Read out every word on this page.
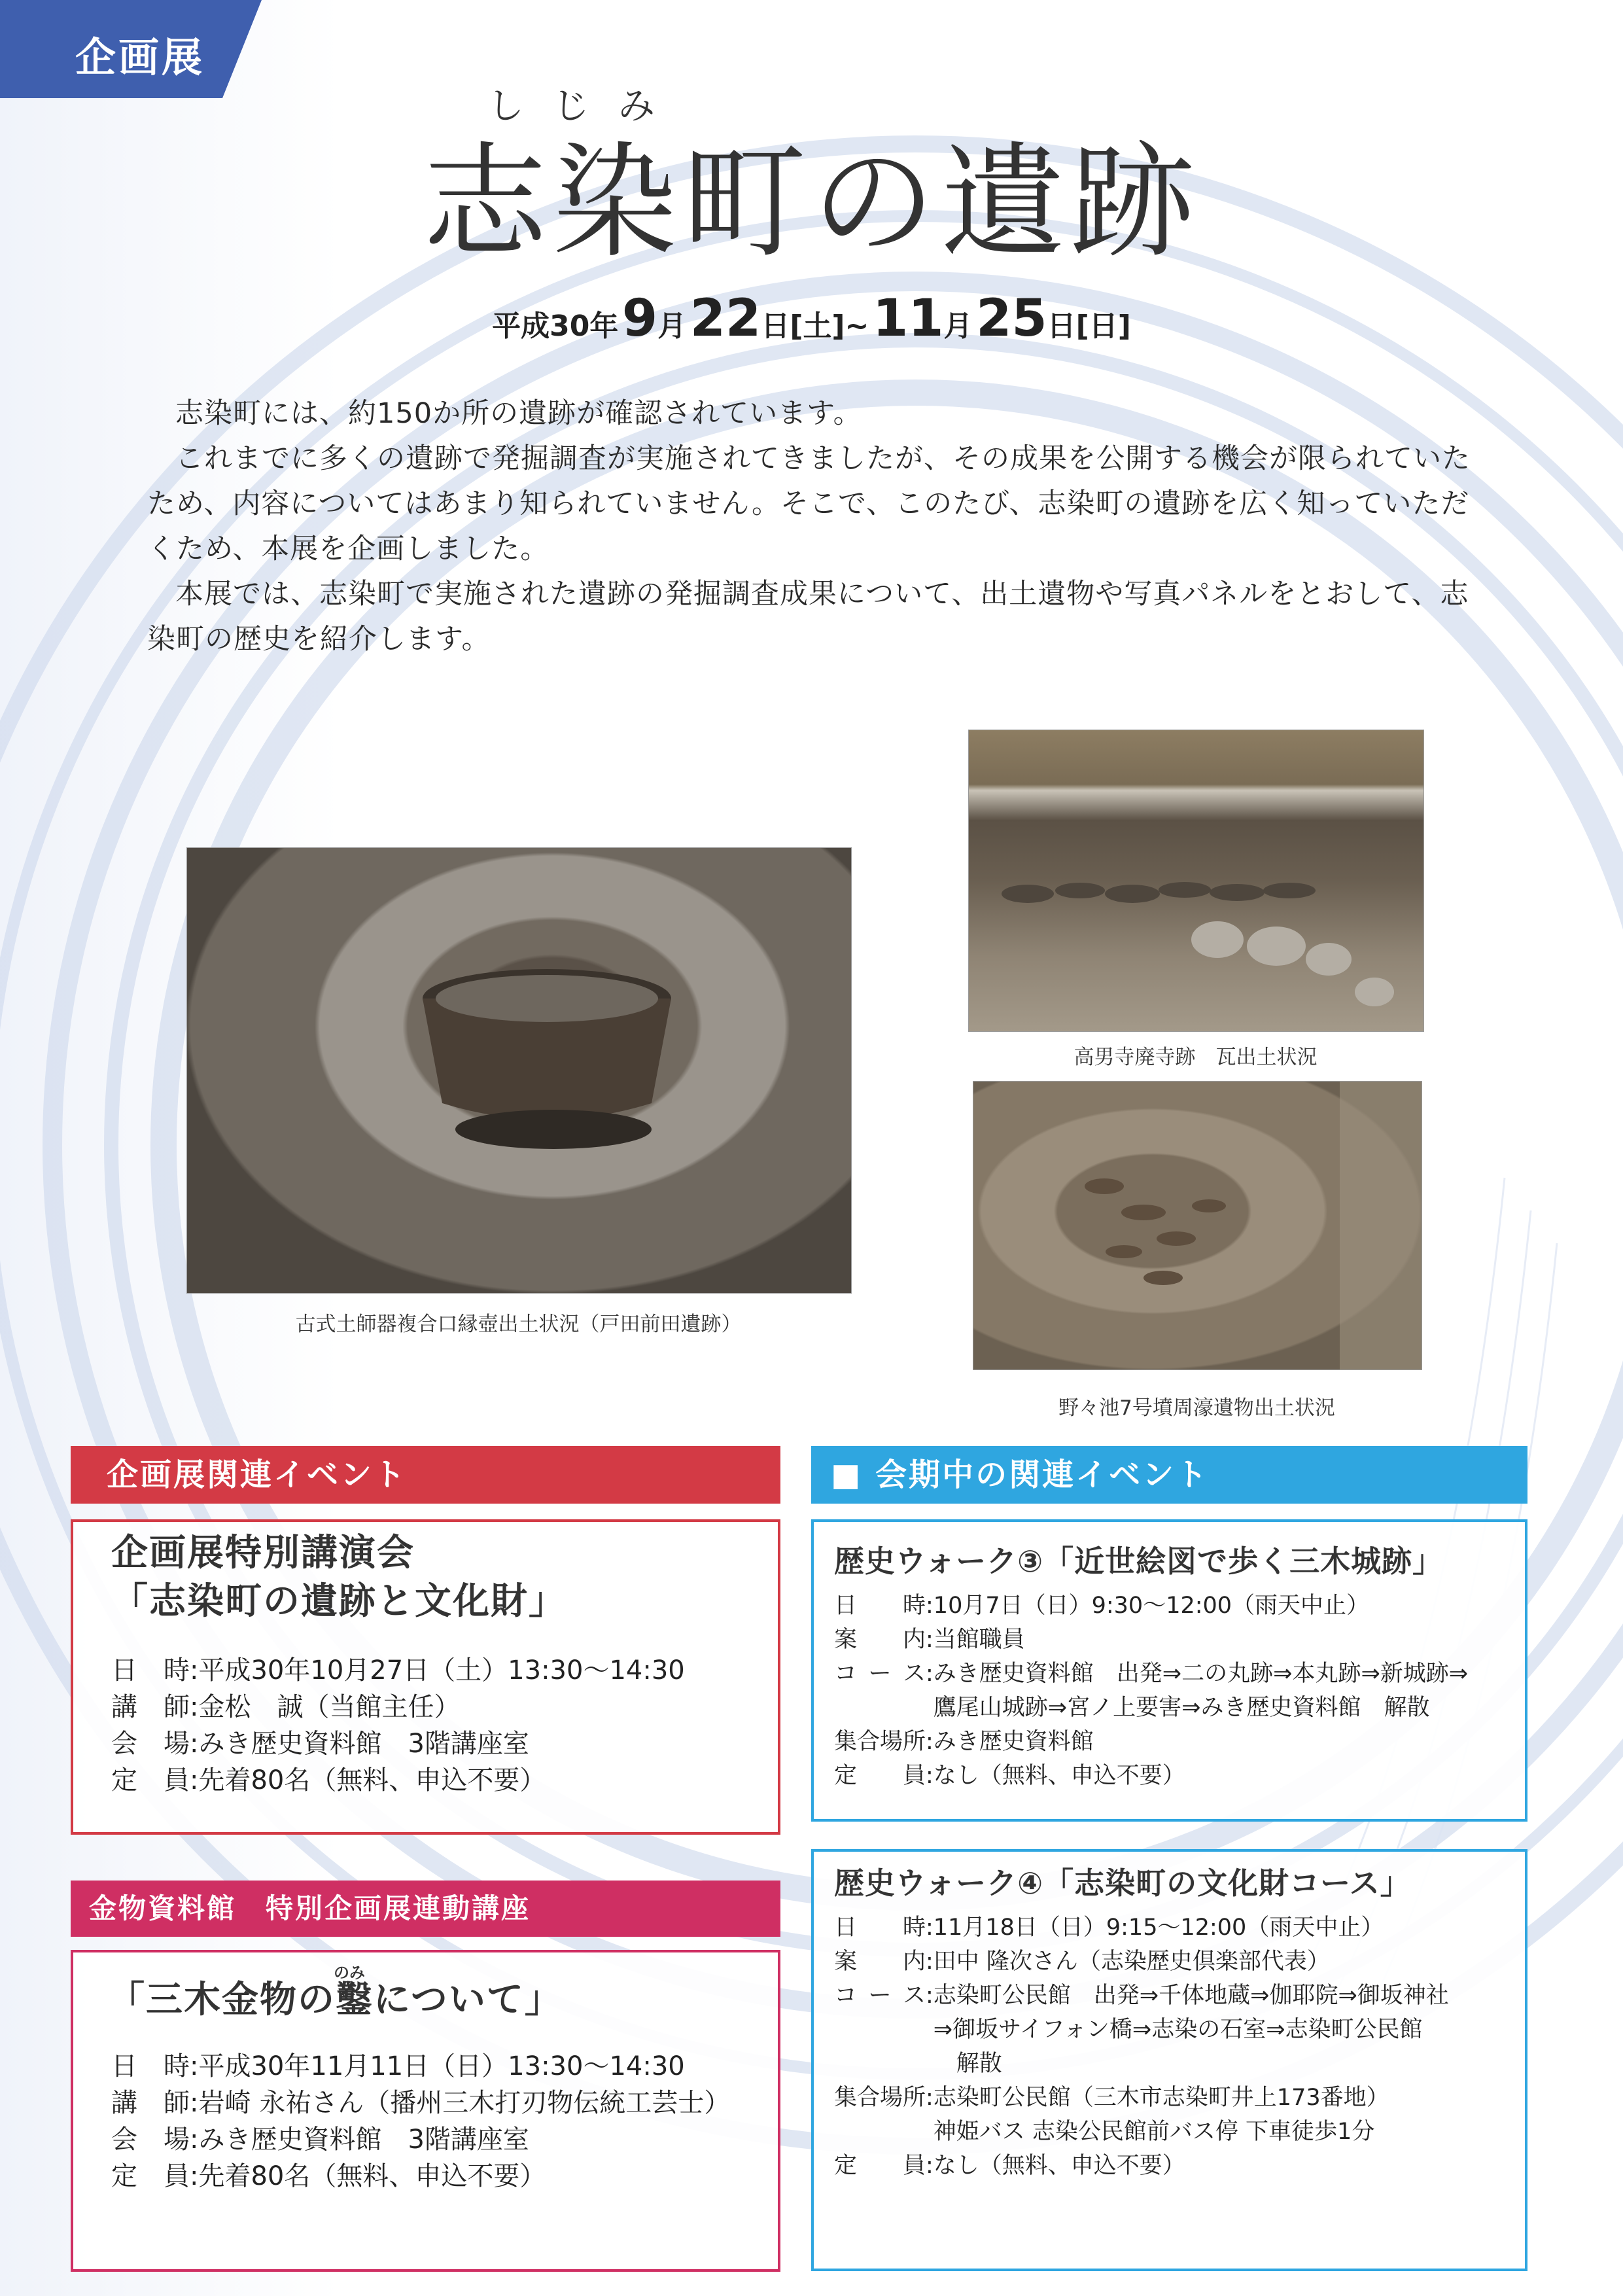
企画展
しじみ
志染町の遺跡
平成30年 9月 22日[土]~ 11月 25日[日]

志染町には、約150か所の遺跡が確認されています。

これまでに多くの遺跡で発掘調査が実施されてきましたが、その成果を公開する機会が限られていたため、内容についてはあまり知られていません。そこで、このたび、志染町の遺跡を広く知っていただくため、本展を企画しました。

本展では、志染町で実施された遺跡の発掘調査成果について、出土遺物や写真パネルをとおして、志染町の歴史を紹介します。

古式土師器複合口縁壺出土状況（戸田前田遺跡）
高男寺廃寺跡　瓦出土状況
野々池7号墳周濠遺物出土状況
企画展関連イベント
企画展特別講演会
「志染町の遺跡と文化財」
日 時 : 平成30年10月27日（土）13:30～14:30
講 師 : 金松　誠（当館主任）
会 場 : みき歴史資料館　3階講座室
定 員 : 先着80名（無料、申込不要）
金物資料館　特別企画展連動講座
のみ
「三木金物の鑿について」
日 時 : 平成30年11月11日（日）13:30～14:30
講 師 : 岩崎 永祐さん（播州三木打刃物伝統工芸士）
会 場 : みき歴史資料館　3階講座室
定 員 : 先着80名（無料、申込不要）
■ 会期中の関連イベント
歴史ウォーク③「近世絵図で歩く三木城跡」
日 時 : 10月7日（日）9:30～12:00（雨天中止）
案 内 : 当館職員
コ ー ス : みき歴史資料館　出発⇒二の丸跡⇒本丸跡⇒新城跡⇒
鷹尾山城跡⇒宮ノ上要害⇒みき歴史資料館　解散
集 合 場 所 : みき歴史資料館
定 員 : なし（無料、申込不要）
歴史ウォーク④「志染町の文化財コース」
日 時 : 11月18日（日）9:15～12:00（雨天中止）
案 内 : 田中 隆次さん（志染歴史倶楽部代表）
コ ー ス : 志染町公民館　出発⇒千体地蔵⇒伽耶院⇒御坂神社
⇒御坂サイフォン橋⇒志染の石室⇒志染町公民館
　解散
集 合 場 所 : 志染町公民館（三木市志染町井上173番地）
神姫バス 志染公民館前バス停 下車徒歩1分
定 員 : なし（無料、申込不要）
